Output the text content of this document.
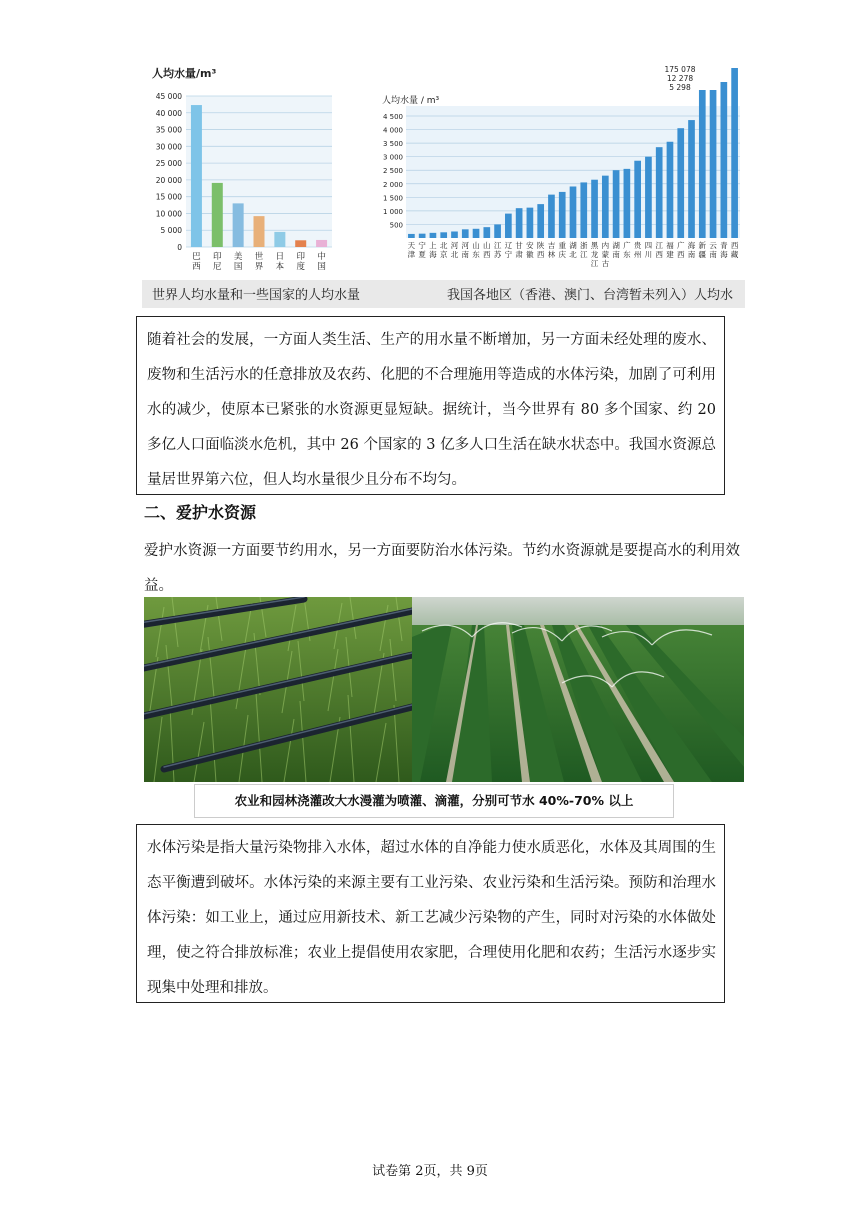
人均水量/m³
0
5 000
10 000
15 000
20 000
25 000
30 000
35 000
40 000
45 000
巴西
印尼
美国
世界
日本
印度
中国
人均水量 / m³
500
1 000
1 500
2 000
2 500
3 000
3 500
4 000
4 500
175 078
12 278
5 298
天津
宁夏
上海
北京
河北
河南
山东
山西
江苏
辽宁
甘肃
安徽
陕西
吉林
重庆
湖北
浙江
黑龙江
内蒙古
湖南
广东
贵州
四川
江西
福建
广西
海南
新疆
云南
青海
西藏
世界人均水量和一些国家的人均水量	我国各地区（香港、澳门、台湾暂未列入）人均水

随着社会的发展，一方面人类生活、生产的用水量不断增加，另一方面未经处理的废水、废物和生活污水的任意排放及农药、化肥的不合理施用等造成的水体污染，加剧了可利用水的减少，使原本已紧张的水资源更显短缺。据统计，当今世界有 80 多个国家、约 20 多亿人口面临淡水危机，其中 26 个国家的 3 亿多人口生活在缺水状态中。我国水资源总量居世界第六位，但人均水量很少且分布不均匀。

二、爱护水资源
爱护水资源一方面要节约用水，另一方面要防治水体污染。节约水资源就是要提高水的利用效益。
农业和园林浇灌改大水漫灌为喷灌、滴灌，分别可节水 40%-70% 以上

水体污染是指大量污染物排入水体，超过水体的自净能力使水质恶化，水体及其周围的生态平衡遭到破坏。水体污染的来源主要有工业污染、农业污染和生活污染。预防和治理水体污染：如工业上，通过应用新技术、新工艺减少污染物的产生，同时对污染的水体做处理，使之符合排放标准；农业上提倡使用农家肥，合理使用化肥和农药；生活污水逐步实现集中处理和排放。

试卷第 2页，共 9页
